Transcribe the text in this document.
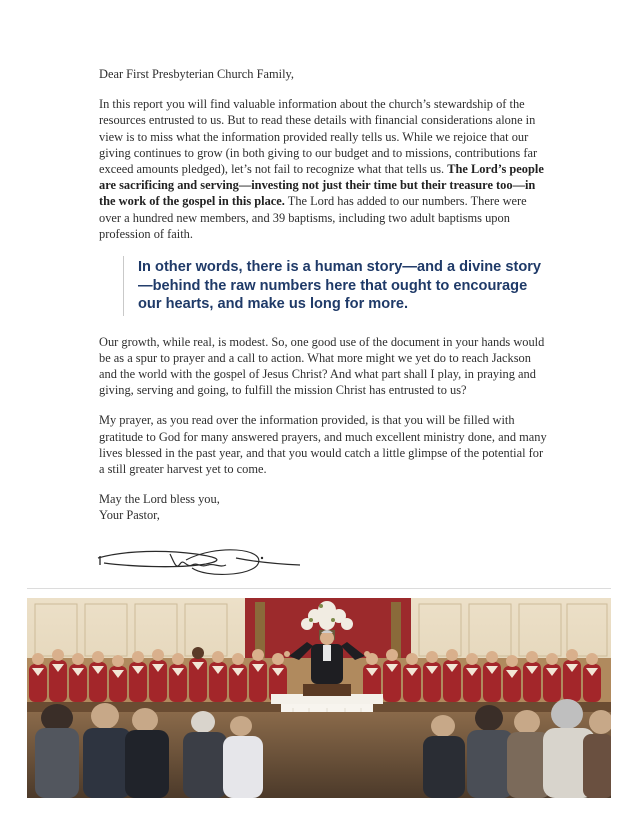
Dear First Presbyterian Church Family,

In this report you will find valuable information about the church’s stewardship of the resources entrusted to us. But to read these details with financial considerations alone in view is to miss what the information provided really tells us. While we rejoice that our giving continues to grow (in both giving to our budget and to missions, contributions far exceed amounts pledged), let’s not fail to recognize what that tells us. The Lord’s people are sacrificing and serving—investing not just their time but their treasure too—in the work of the gospel in this place. The Lord has added to our numbers. There were over a hundred new members, and 39 baptisms, including two adult baptisms upon profession of faith.

In other words, there is a human story—and a divine story—behind the raw numbers here that ought to encourage our hearts, and make us long for more.

Our growth, while real, is modest. So, one good use of the document in your hands would be as a spur to prayer and a call to action. What more might we yet do to reach Jackson and the world with the gospel of Jesus Christ? And what part shall I play, in praying and giving, serving and going, to fulfill the mission Christ has entrusted to us?

My prayer, as you read over the information provided, is that you will be filled with gratitude to God for many answered prayers, and much excellent ministry done, and many lives blessed in the past year, and that you would catch a little glimpse of the potential for a still greater harvest yet to come.

May the Lord bless you,

Your Pastor,
